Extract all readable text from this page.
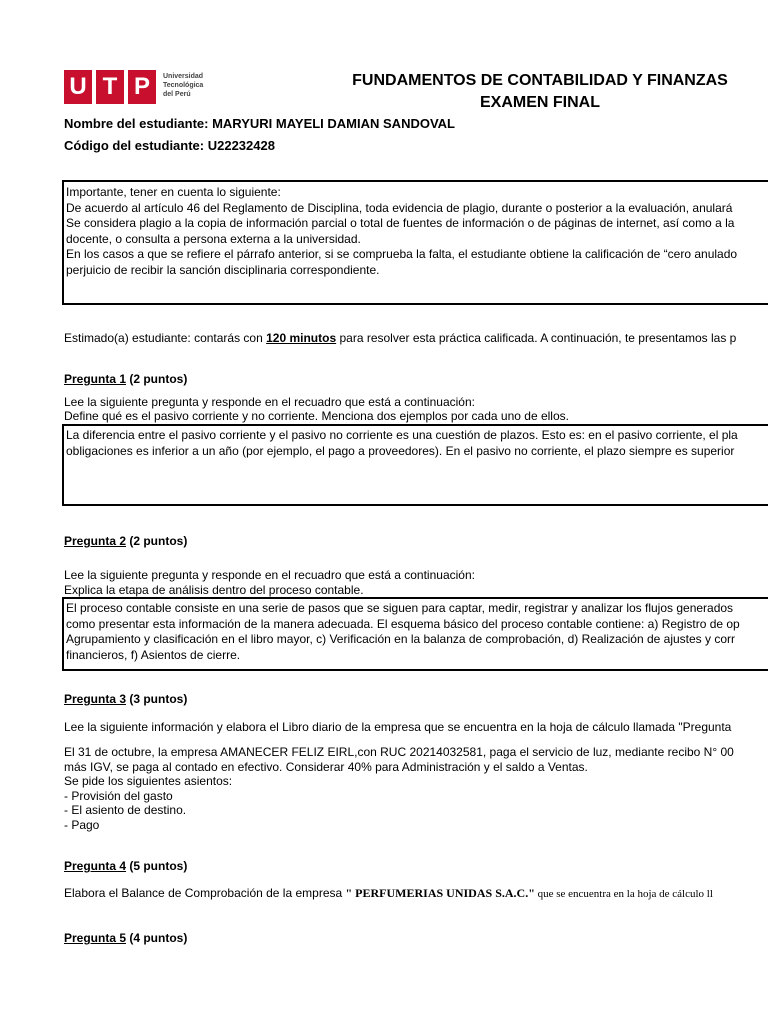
U T P	Universidad
Tecnológica
del Perú
FUNDAMENTOS DE CONTABILIDAD Y FINANZAS
EXAMEN FINAL
Nombre del estudiante: MARYURI MAYELI DAMIAN SANDOVAL
Código del estudiante: U22232428
Importante, tener en cuenta lo siguiente:
De acuerdo al artículo 46 del Reglamento de Disciplina, toda evidencia de plagio, durante o posterior a la evaluación, anulará
Se considera plagio a la copia de información parcial o total de fuentes de información o de páginas de internet, así como a la
docente, o consulta a persona externa a la universidad.
En los casos a que se refiere el párrafo anterior, si se comprueba la falta, el estudiante obtiene la calificación de “cero anulado
perjuicio de recibir la sanción disciplinaria correspondiente.
Estimado(a) estudiante: contarás con 120 minutos para resolver esta práctica calificada. A continuación, te presentamos las p
Pregunta 1 (2 puntos)
Lee la siguiente pregunta y responde en el recuadro que está a continuación:
Define qué es el pasivo corriente y no corriente. Menciona dos ejemplos por cada uno de ellos.
La diferencia entre el pasivo corriente y el pasivo no corriente es una cuestión de plazos. Esto es: en el pasivo corriente, el pla
obligaciones es inferior a un año (por ejemplo, el pago a proveedores). En el pasivo no corriente, el plazo siempre es superior
Pregunta 2 (2 puntos)
Lee la siguiente pregunta y responde en el recuadro que está a continuación:
Explica la etapa de análisis dentro del proceso contable.
El proceso contable consiste en una serie de pasos que se siguen para captar, medir, registrar y analizar los flujos generados
como presentar esta información de la manera adecuada. El esquema básico del proceso contable contiene: a) Registro de op
Agrupamiento y clasificación en el libro mayor, c) Verificación en la balanza de comprobación, d) Realización de ajustes y corr
financieros, f) Asientos de cierre.
Pregunta 3 (3 puntos)
Lee la siguiente información y elabora el Libro diario de la empresa que se encuentra en la hoja de cálculo llamada "Pregunta
El 31 de octubre, la empresa AMANECER FELIZ EIRL,con RUC 20214032581, paga el servicio de luz, mediante recibo N° 00
más IGV, se paga al contado en efectivo. Considerar 40% para Administración y el saldo a Ventas.
Se pide los siguientes asientos:
- Provisión del gasto
- El asiento de destino.
- Pago
Pregunta 4 (5 puntos)
Elabora el Balance de Comprobación de la empresa " PERFUMERIAS UNIDAS S.A.C." que se encuentra en la hoja de cálculo ll
Pregunta 5 (4 puntos)
